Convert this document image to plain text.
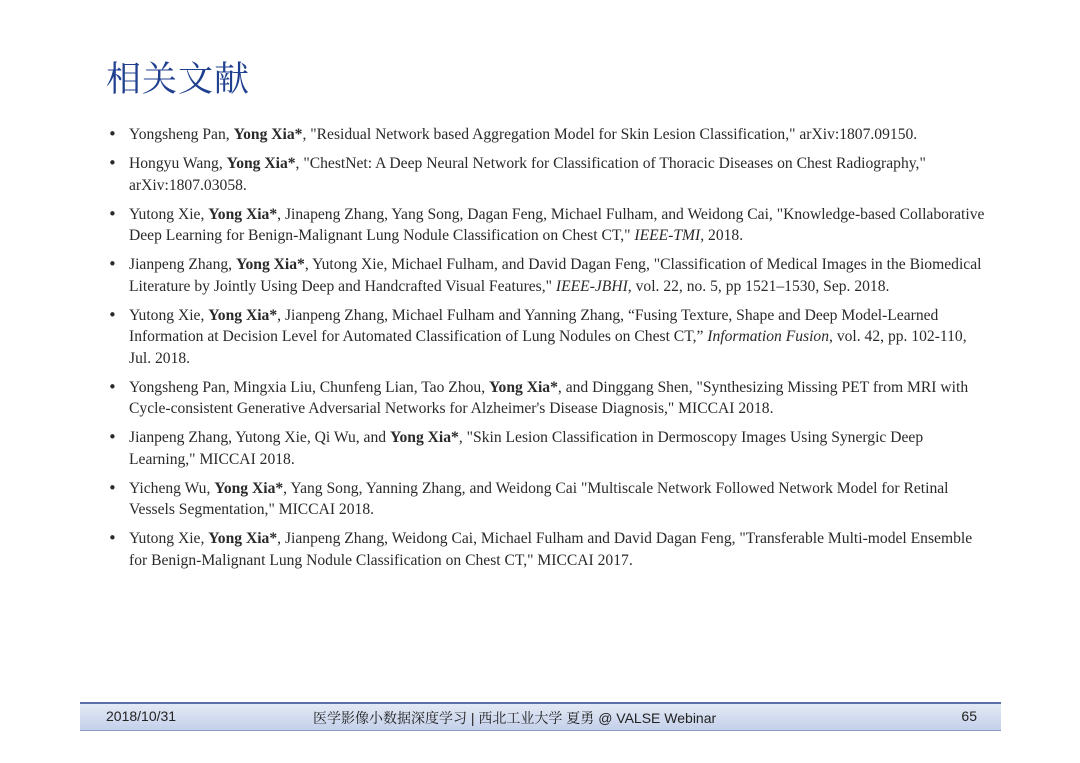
相关文献
• Yongsheng Pan, Yong Xia*, "Residual Network based Aggregation Model for Skin Lesion Classification," arXiv:1807.09150.
• Hongyu Wang, Yong Xia*, "ChestNet: A Deep Neural Network for Classification of Thoracic Diseases on Chest Radiography," arXiv:1807.03058.
• Yutong Xie, Yong Xia*, Jinapeng Zhang, Yang Song, Dagan Feng, Michael Fulham, and Weidong Cai, "Knowledge-based Collaborative Deep Learning for Benign-Malignant Lung Nodule Classification on Chest CT," IEEE-TMI, 2018.
• Jianpeng Zhang, Yong Xia*, Yutong Xie, Michael Fulham, and David Dagan Feng, "Classification of Medical Images in the Biomedical Literature by Jointly Using Deep and Handcrafted Visual Features," IEEE-JBHI, vol. 22, no. 5, pp 1521–1530, Sep. 2018.
• Yutong Xie, Yong Xia*, Jianpeng Zhang, Michael Fulham and Yanning Zhang, “Fusing Texture, Shape and Deep Model-Learned Information at Decision Level for Automated Classification of Lung Nodules on Chest CT,” Information Fusion, vol. 42, pp. 102-110, Jul. 2018.
• Yongsheng Pan, Mingxia Liu, Chunfeng Lian, Tao Zhou, Yong Xia*, and Dinggang Shen, "Synthesizing Missing PET from MRI with Cycle-consistent Generative Adversarial Networks for Alzheimer's Disease Diagnosis," MICCAI 2018.
• Jianpeng Zhang, Yutong Xie, Qi Wu, and Yong Xia*, "Skin Lesion Classification in Dermoscopy Images Using Synergic Deep Learning," MICCAI 2018.
• Yicheng Wu, Yong Xia*, Yang Song, Yanning Zhang, and Weidong Cai "Multiscale Network Followed Network Model for Retinal Vessels Segmentation," MICCAI 2018.
• Yutong Xie, Yong Xia*, Jianpeng Zhang, Weidong Cai, Michael Fulham and David Dagan Feng, "Transferable Multi-model Ensemble for Benign-Malignant Lung Nodule Classification on Chest CT," MICCAI 2017.
2018/10/31	医学影像小数据深度学习 | 西北工业大学 夏勇 @ VALSE Webinar	65
